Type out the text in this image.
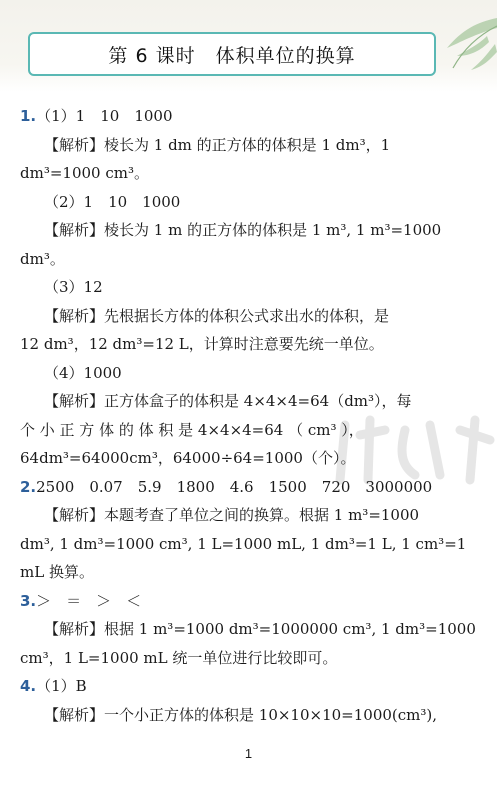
第 6 课时　体积单位的换算
1.（1）1　10　1000
【解析】棱长为 1 dm 的正方体的体积是 1 dm³，1
dm³=1000 cm³。
（2）1　10　1000
【解析】棱长为 1 m 的正方体的体积是 1 m³, 1 m³=1000
dm³。
（3）12
【解析】先根据长方体的体积公式求出水的体积，是
12 dm³，12 dm³=12 L，计算时注意要先统一单位。
（4）1000
【解析】正方体盒子的体积是 4×4×4=64（dm³），每
个 小 正 方 体 的 体 积 是 4×4×4=64 （ cm³ ），
64dm³=64000cm³，64000÷64=1000（个）。
2.2500　0.07　5.9　1800　4.6　1500　720　3000000
【解析】本题考查了单位之间的换算。根据 1 m³=1000
dm³, 1 dm³=1000 cm³, 1 L=1000 mL, 1 dm³=1 L, 1 cm³=1
mL 换算。
3.＞　＝　＞　＜
【解析】根据 1 m³=1000 dm³=1000000 cm³, 1 dm³=1000
cm³，1 L=1000 mL 统一单位进行比较即可。
4.（1）B
【解析】一个小正方体的体积是 10×10×10=1000(cm³),
1
